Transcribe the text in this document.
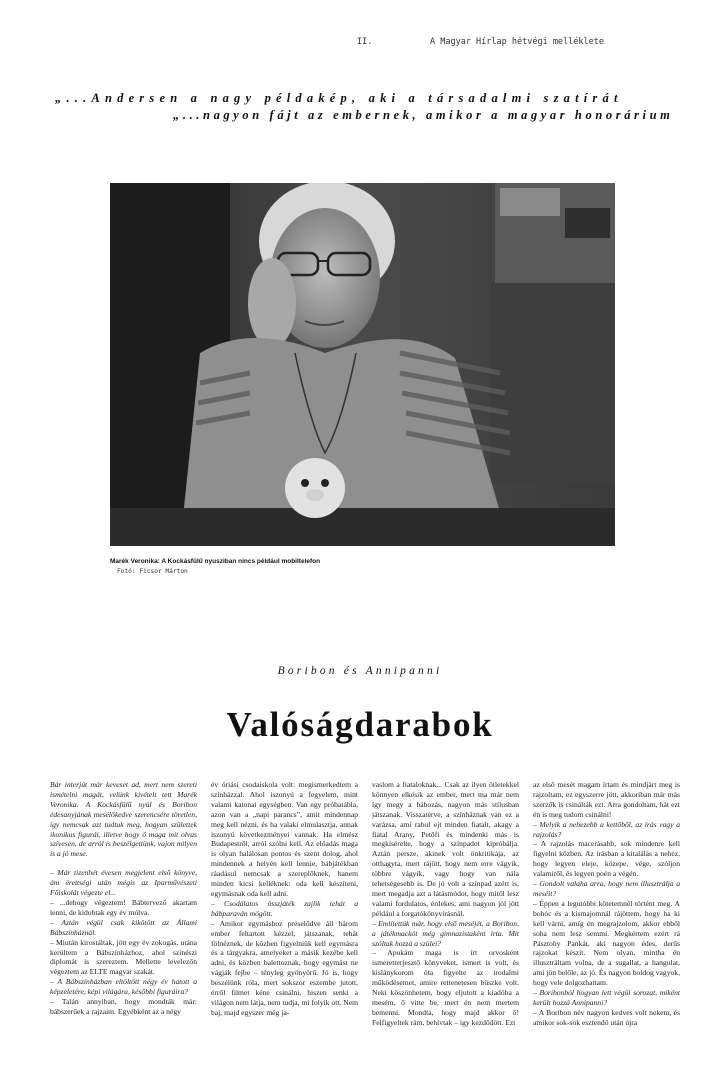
II.	A Magyar Hírlap hétvégi melléklete
„...Andersen a nagy példakép, aki a társadalmi szatírát
„...nagyon fájt az embernek, amikor a magyar honorárium
Marék Veronika: A Kockásfülű nyusziban nincs például mobiltelefon
Fotó: Ficsor Márton
Boribon és Annipanni
Valóságdarabok

Bár interjút már keveset ad, mert nem szereti ismételni magát, velünk kivételt tett Marék Veronika. A Kockásfülű nyúl és Boribon édesanyjának mesélőkedve szerencsére töretlen, így nemcsak azt tudtuk meg, hogyan születtek ikonikus figurái, illetve hogy ő maga mit olvas szívesen, de arról is beszélgettünk, vajon milyen is a jó mese.

– Már tizenhét évesen megjelent első könyve, ám érettségi után mégis az Iparművészeti Főiskolát végezte el...

– ...dehogy végeztem! Bábtervező akartam lenni, de kidobtak egy év múlva.

– Aztán végül csak kikötött az Állami Bábszínháznál.

– Miután kirostáltak, jött egy év zokogás, utána kerültem a Bábszínházhoz, ahol színészi diplomát is szereztem. Mellette levelezőn végeztem az ELTE magyar szakát.

– A Bábszínházban eltöltött négy év hatott a képzeletére, képi világára, későbbi figuráira?

– Talán annyiban, hogy mondták már: bábszerűek a rajzaim. Egyébként az a négy

év óriási csodaiskola volt: megismerkedtem a színházzal. Ahol iszonyú a fegyelem, mint valami katonai egységben. Van egy próbatábla, azon van a „napi parancs”, amit mindennap meg kell nézni, és ha valaki elmulasztja, annak iszonyú következményei vannak. Ha elmész Budapestről, arról szólni kell. Az előadás maga is olyan halálosan pontos és szent dolog, ahol mindennek a helyén kell lennie, bábjátékban ráadásul nemcsak a szereplőknek, hanem minden kicsi kelléknek: oda kell készíteni, egymásnak oda kell adni.

– Csodálatos összjáték zajlik tehát a bábparaván mögött.

– Amikor egymáshoz préselődve áll három ember feltartott kézzel, játszanak, tehát fölnéznek, de közben figyelniük kell egymásra és a tárgyakra, amelyeket a másik kezébe kell adni, és közben balettoznak, hogy egymást ne vágják fejbe – tényleg gyönyörű. Jó is, hogy beszélünk róla, mert sokszor eszembe jutott, érről filmet kéne csinálni, hiszen senki a világon nem látja, nem tudja, mi folyik ott. Nem baj, majd egyszer még ja-

vaslom a fiataloknak... Csak az ilyen ötletekkel könnyen elkésik az ember, mert ma már nem így megy a bábozás, nagyon más stílusban játszanak. Visszatérve, a színháznak van ez a varázsa, ami rabul ejt minden fiatalt, akagy a fiatal Arany, Petőfi és mindenki más is megkísérelte, hogy a színpadot kipróbálja. Aztán persze, akinek volt önkritikája, az otthagyta, mert rájött, hogy nem erre vágyik, többre vágyik, vagy hogy van nála tehetségesebb is. De jó volt a színpad azért is, mert megadja azt a látásmódot, hogy mitől lesz valami fordulatos, érdekes, ami nagyon jól jött például a forgatókönyvírásnál.

– Említettük már, hogy első meséjét, a Boribon, a játékmackót még gimnazistaként írta. Mit szóltak hozzá a szülei?

– Apukám maga is írt orvosként ismeretterjesztő könyveket, ismert is volt, és kislánykorom óta figyelte az irodalmi működésemet, amire rettenetesen büszke volt. Neki köszönhetem, hogy eljutott a kiadóba a mesém, ő vitte be, mert én nem mertem bemenni. Mondta, hogy majd akkor ő! Felfigyeltek rám, behívtak – így kezdődött. Ezt

az első mesét magam írtam és mindjárt meg is rajzoltam, ez egyszerre jött, akkoriban már más szerzők is csinálták ezt. Arra gondoltam, hát ezt én is meg tudom csinálni!

– Melyik a nehezebb a kettőből, az írás vagy a rajzolás?

– A rajzolás macerásabb, sok mindenre kell figyelni közben. Az írásban a kitalálás a nehéz, hogy legyen eleje, közepe, vége, szóljon valamiről, és legyen poén a végén.

– Gondolt valaha arra, hogy nem illusztrálja a meséit?

– Éppen a legutóbbi kötetemnél történt meg. A bohóc és a kismajomnál rájöttem, hogy ha ki kell várni, amíg én megrajzolom, akkor ebből soha nem lesz semmi. Megkértem ezért rá Pásztohy Pankát, aki nagyon édes, derűs rajzokat készít. Nem olyan, mintha én illusztráltam volna, de a sugallat, a hangulat, ami jön belőle, az jó. És nagyon boldog vagyok, hogy vele dolgozhattam.

– Boribonból hogyan lett végül sorozat, miként került hozzá Annipanni?

– A Boribon név nagyon kedves volt nekem, és amikor sok-sok esztendő után újra
